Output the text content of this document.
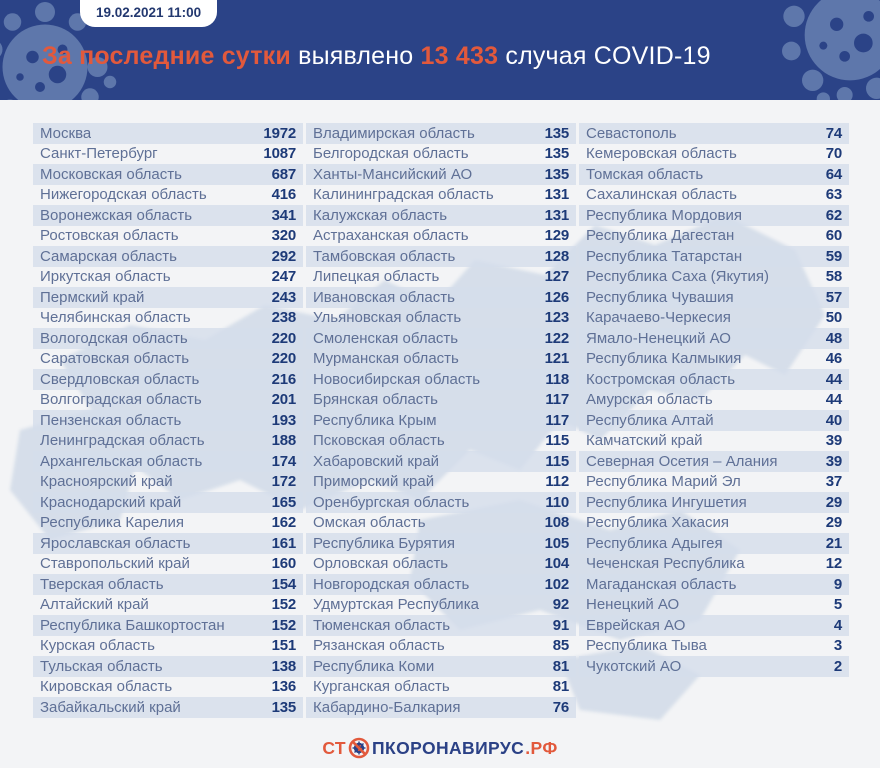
19.02.2021 11:00
За последние сутки выявлено 13 433 случая COVID-19
Москва	1972
Санкт-Петербург	1087
Московская область	687
Нижегородская область	416
Воронежская область	341
Ростовская область	320
Самарская область	292
Иркутская область	247
Пермский край	243
Челябинская область	238
Вологодская область	220
Саратовская область	220
Свердловская область	216
Волгоградская область	201
Пензенская область	193
Ленинградская область	188
Архангельская область	174
Красноярский край	172
Краснодарский край	165
Республика Карелия	162
Ярославская область	161
Ставропольский край	160
Тверская область	154
Алтайский край	152
Республика Башкортостан	152
Курская область	151
Тульская область	138
Кировская область	136
Забайкальский край	135
Владимирская область	135
Белгородская область	135
Ханты-Мансийский АО	135
Калининградская область	131
Калужская область	131
Астраханская область	129
Тамбовская область	128
Липецкая область	127
Ивановская область	126
Ульяновская область	123
Смоленская область	122
Мурманская область	121
Новосибирская область	118
Брянская область	117
Республика Крым	117
Псковская область	115
Хабаровский край	115
Приморский край	112
Оренбургская область	110
Омская область	108
Республика Бурятия	105
Орловская область	104
Новгородская область	102
Удмуртская Республика	92
Тюменская область	91
Рязанская область	85
Республика Коми	81
Курганская область	81
Кабардино-Балкария	76
Севастополь	74
Кемеровская область	70
Томская область	64
Сахалинская область	63
Республика Мордовия	62
Республика Дагестан	60
Республика Татарстан	59
Республика Саха (Якутия)	58
Республика Чувашия	57
Карачаево-Черкесия	50
Ямало-Ненецкий АО	48
Республика Калмыкия	46
Костромская область	44
Амурская область	44
Республика Алтай	40
Камчатский край	39
Северная Осетия – Алания	39
Республика Марий Эл	37
Республика Ингушетия	29
Республика Хакасия	29
Республика Адыгея	21
Чеченская Республика	12
Магаданская область	9
Ненецкий АО	5
Еврейская АО	4
Республика Тыва	3
Чукотский АО	2
СТ ПКОРОНАВИРУС .РФ
